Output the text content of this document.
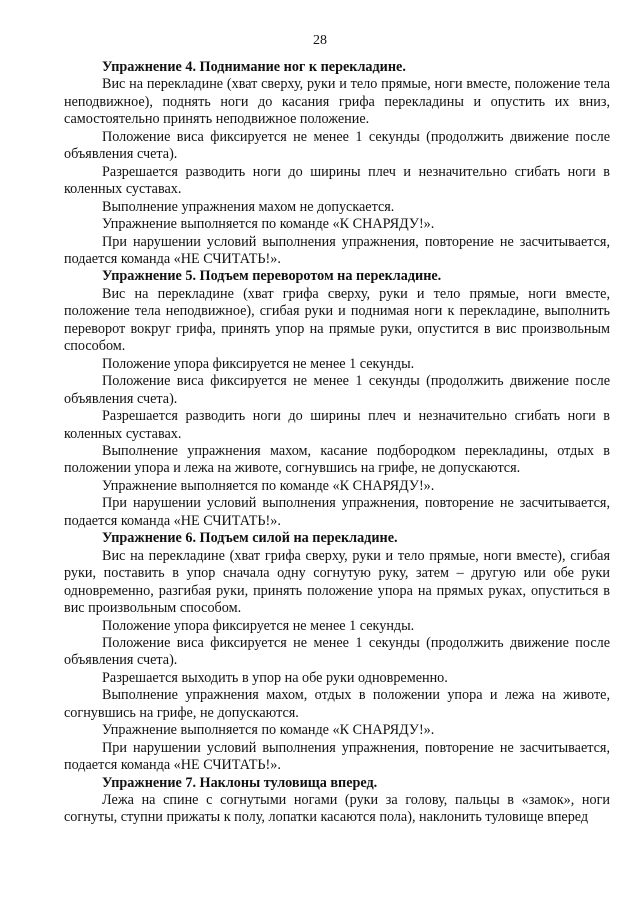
28

Упражнение 4. Поднимание ног к перекладине.

Вис на перекладине (хват сверху, руки и тело прямые, ноги вместе, положение тела неподвижное), поднять ноги до касания грифа перекладины и опустить их вниз, самостоятельно принять неподвижное положение.

Положение виса фиксируется не менее 1 секунды (продолжить движение после объявления счета).

Разрешается разводить ноги до ширины плеч и незначительно сгибать ноги в коленных суставах.

Выполнение упражнения махом не допускается.

Упражнение выполняется по команде «К СНАРЯДУ!».

При нарушении условий выполнения упражнения, повторение не засчитывается, подается команда «НЕ СЧИТАТЬ!».

Упражнение 5. Подъем переворотом на перекладине.

Вис на перекладине (хват грифа сверху, руки и тело прямые, ноги вместе, положение тела неподвижное), сгибая руки и поднимая ноги к перекладине, выполнить переворот вокруг грифа, принять упор на прямые руки, опустится в вис произвольным способом.

Положение упора фиксируется не менее 1 секунды.

Положение виса фиксируется не менее 1 секунды (продолжить движение после объявления счета).

Разрешается разводить ноги до ширины плеч и незначительно сгибать ноги в коленных суставах.

Выполнение упражнения махом, касание подбородком перекладины, отдых в положении упора и лежа на животе, согнувшись на грифе, не допускаются.

Упражнение выполняется по команде «К СНАРЯДУ!».

При нарушении условий выполнения упражнения, повторение не засчитывается, подается команда «НЕ СЧИТАТЬ!».

Упражнение 6. Подъем силой на перекладине.

Вис на перекладине (хват грифа сверху, руки и тело прямые, ноги вместе), сгибая руки, поставить в упор сначала одну согнутую руку, затем – другую или обе руки одновременно, разгибая руки, принять положение упора на прямых руках, опуститься в вис произвольным способом.

Положение упора фиксируется не менее 1 секунды.

Положение виса фиксируется не менее 1 секунды (продолжить движение после объявления счета).

Разрешается выходить в упор на обе руки одновременно.

Выполнение упражнения махом, отдых в положении упора и лежа на животе, согнувшись на грифе, не допускаются.

Упражнение выполняется по команде «К СНАРЯДУ!».

При нарушении условий выполнения упражнения, повторение не засчитывается, подается команда «НЕ СЧИТАТЬ!».

Упражнение 7. Наклоны туловища вперед.

Лежа на спине с согнутыми ногами (руки за голову, пальцы в «замок», ноги согнуты, ступни прижаты к полу, лопатки касаются пола), наклонить туловище вперед
